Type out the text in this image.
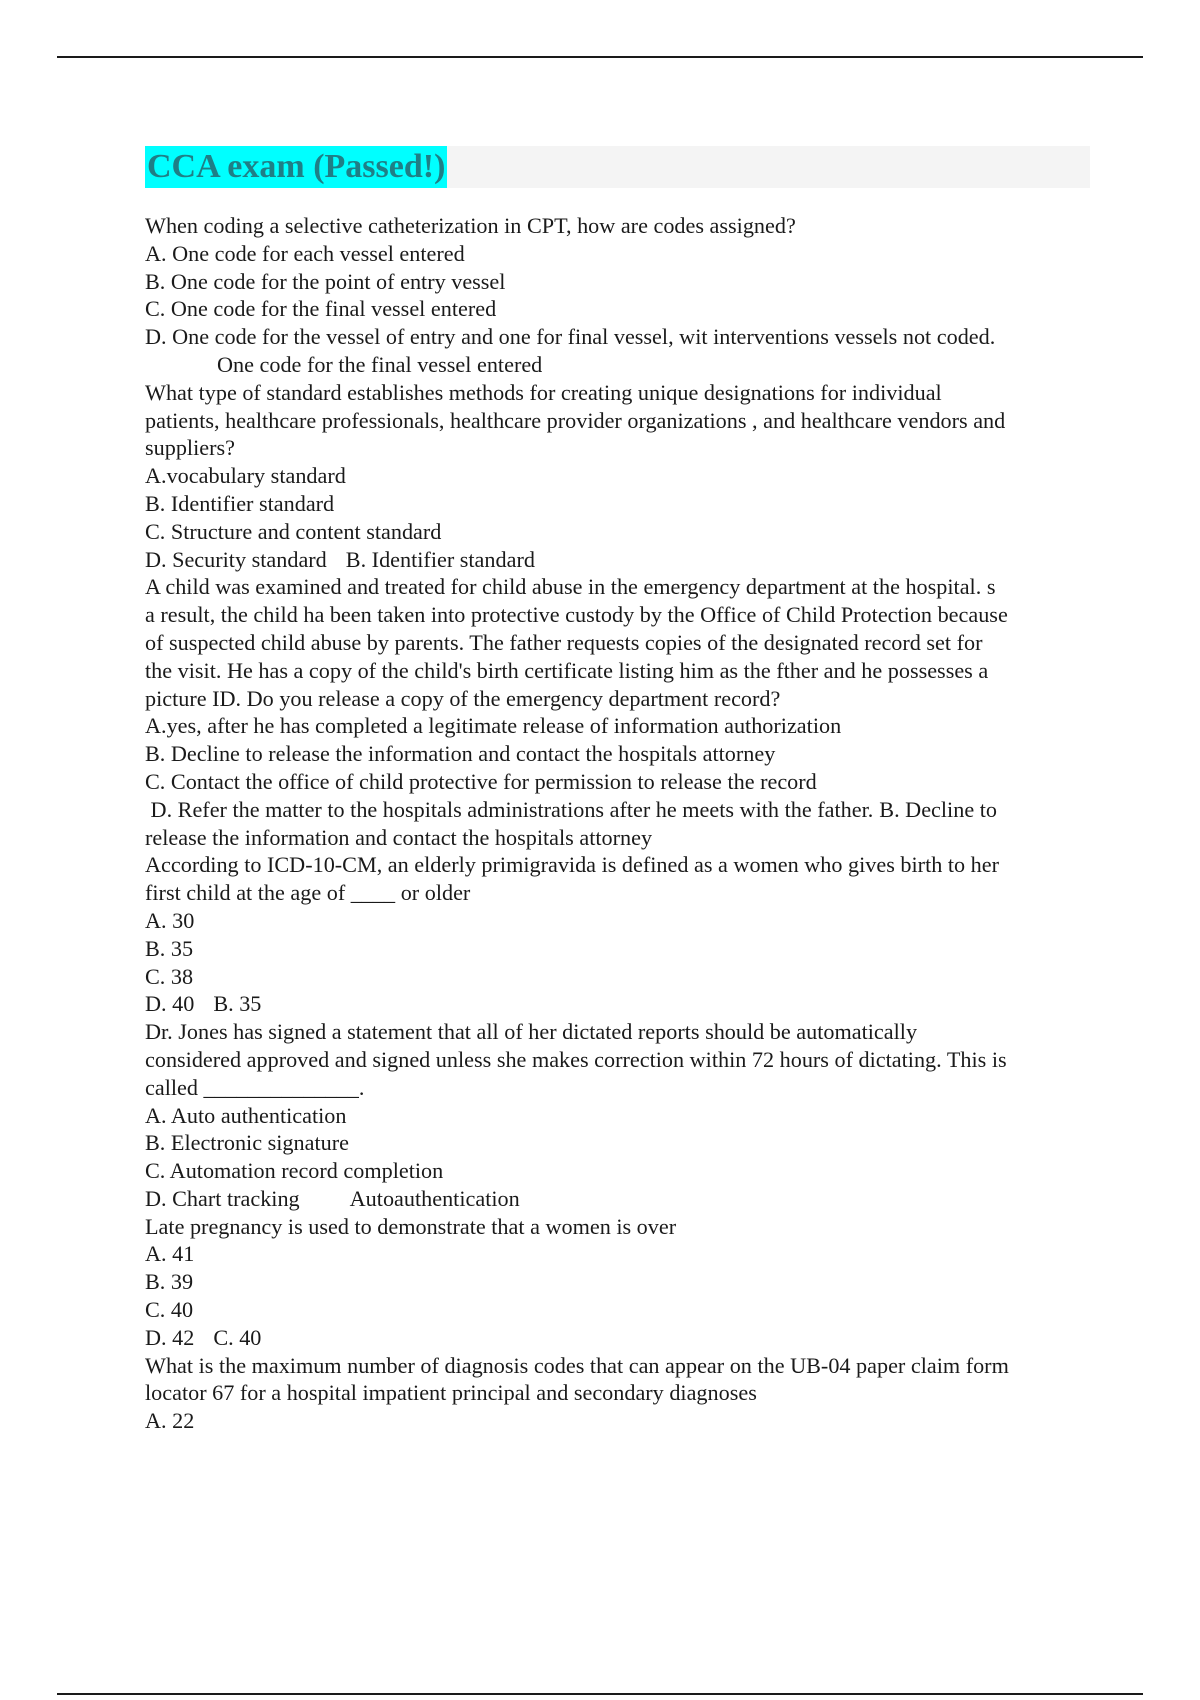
CCA exam (Passed!)
When coding a selective catheterization in CPT, how are codes assigned?
A. One code for each vessel entered
B. One code for the point of entry vessel
C. One code for the final vessel entered
D. One code for the vessel of entry and one for final vessel, wit interventions vessels not coded.
One code for the final vessel entered
What type of standard establishes methods for creating unique designations for individual
patients, healthcare professionals, healthcare provider organizations , and healthcare vendors and
suppliers?
A.vocabulary standard
B. Identifier standard
C. Structure and content standard
D. Security standard B. Identifier standard
A child was examined and treated for child abuse in the emergency department at the hospital. s
a result, the child ha been taken into protective custody by the Office of Child Protection because
of suspected child abuse by parents. The father requests copies of the designated record set for
the visit. He has a copy of the child's birth certificate listing him as the fther and he possesses a
picture ID. Do you release a copy of the emergency department record?
A.yes, after he has completed a legitimate release of information authorization
B. Decline to release the information and contact the hospitals attorney
C. Contact the office of child protective for permission to release the record
D. Refer the matter to the hospitals administrations after he meets with the father. B. Decline to
release the information and contact the hospitals attorney
According to ICD-10-CM, an elderly primigravida is defined as a women who gives birth to her
first child at the age of ____ or older
A. 30
B. 35
C. 38
D. 40 B. 35
Dr. Jones has signed a statement that all of her dictated reports should be automatically
considered approved and signed unless she makes correction within 72 hours of dictating. This is
called ______________.
A. Auto authentication
B. Electronic signature
C. Automation record completion
D. Chart tracking Autoauthentication
Late pregnancy is used to demonstrate that a women is over
A. 41
B. 39
C. 40
D. 42 C. 40
What is the maximum number of diagnosis codes that can appear on the UB-04 paper claim form
locator 67 for a hospital impatient principal and secondary diagnoses
A. 22
